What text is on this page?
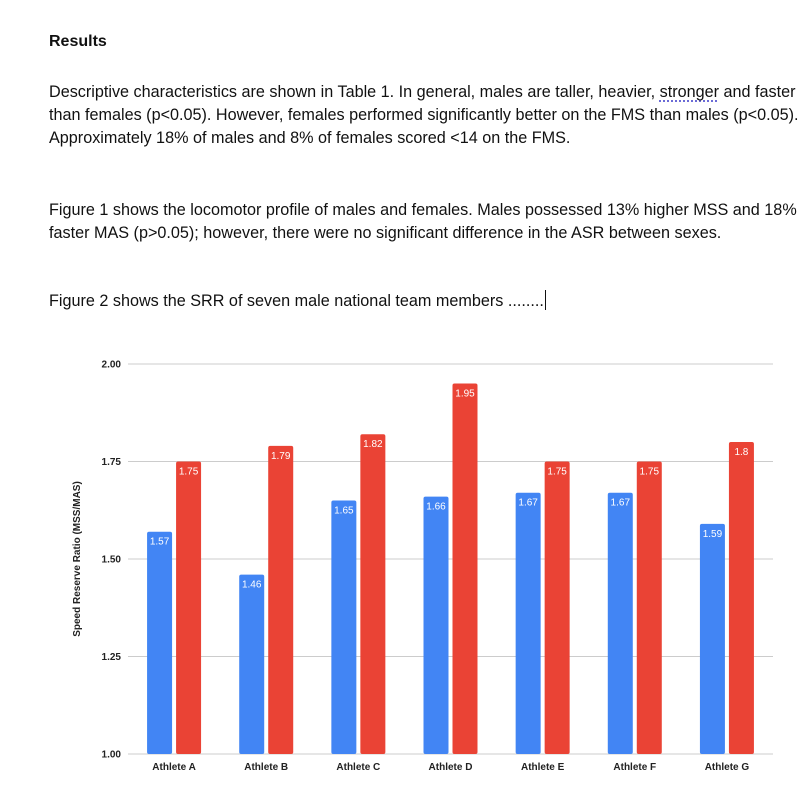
Results

Descriptive characteristics are shown in Table 1. In general, males are taller, heavier, stronger and faster than females (p<0.05). However, females performed significantly better on the FMS than males (p<0.05). Approximately 18% of males and 8% of females scored <14 on the FMS.

Figure 1 shows the locomotor profile of males and females. Males possessed 13% higher MSS and 18% faster MAS (p>0.05); however, there were no significant difference in the ASR between sexes.

Figure 2 shows the SRR of seven male national team members ........

1.00
1.25
1.50
1.75
2.00
Speed Reserve Ratio (MSS/MAS)	1.57
1.75
Athlete A
1.46
1.79
Athlete B
1.65
1.82
Athlete C
1.66
1.95
Athlete D
1.67
1.75
Athlete E
1.67
1.75
Athlete F
1.59
1.8
Athlete G
